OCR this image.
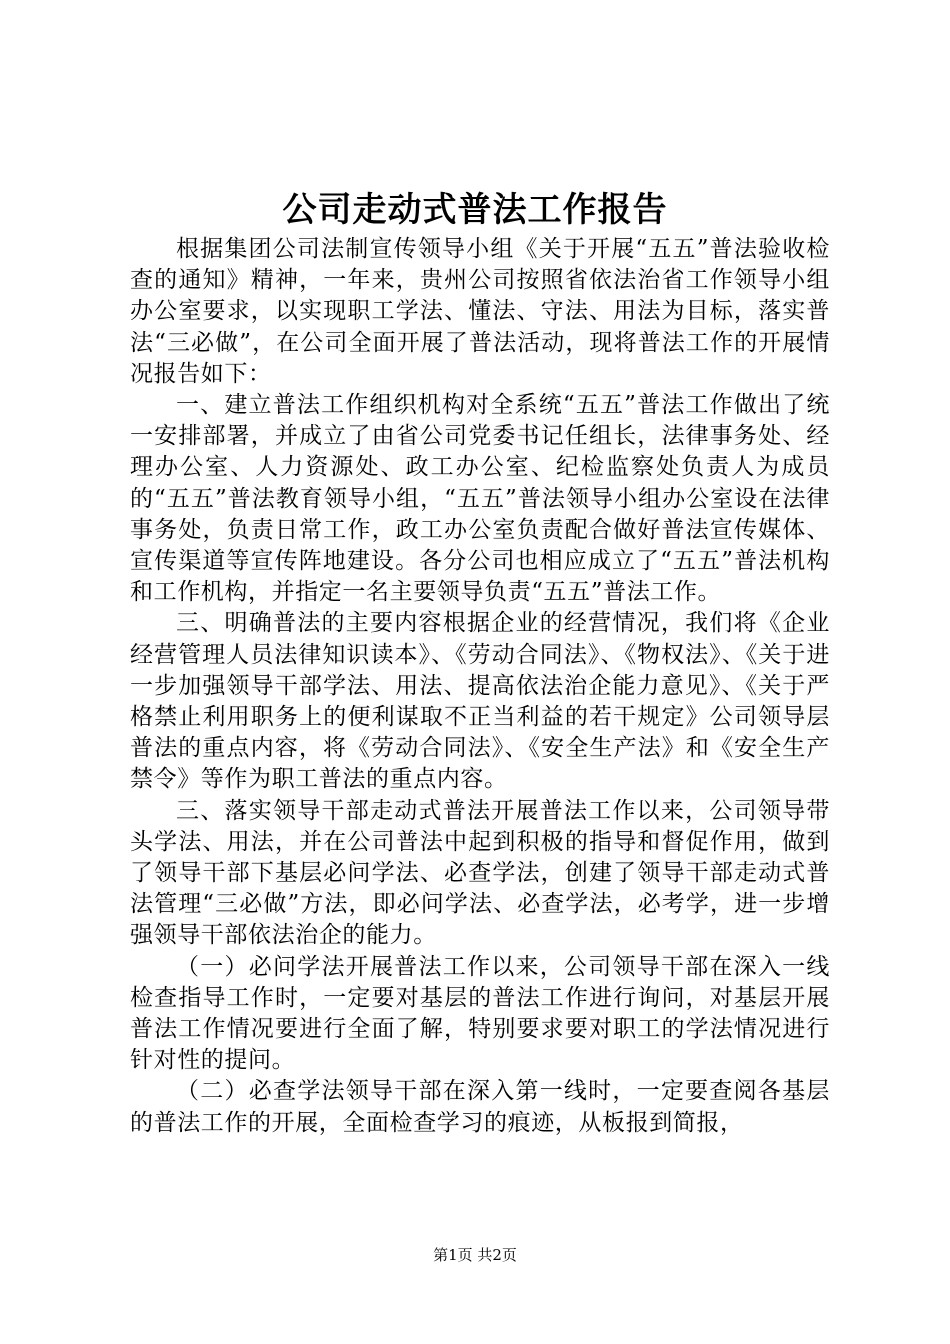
公司走动式普法工作报告

根据集团公司法制宣传领导小组《关于开展“五五”普法验收检查的通知》精神，一年来，贵州公司按照省依法治省工作领导小组办公室要求，以实现职工学法、懂法、守法、用法为目标，落实普法“三必做”，在公司全面开展了普法活动，现将普法工作的开展情况报告如下：

一、建立普法工作组织机构对全系统“五五”普法工作做出了统一安排部署，并成立了由省公司党委书记任组长，法律事务处、经理办公室、人力资源处、政工办公室、纪检监察处负责人为成员的“五五”普法教育领导小组，“五五”普法领导小组办公室设在法律事务处，负责日常工作，政工办公室负责配合做好普法宣传媒体、宣传渠道等宣传阵地建设。各分公司也相应成立了“五五”普法机构和工作机构，并指定一名主要领导负责“五五”普法工作。

三、明确普法的主要内容根据企业的经营情况，我们将《企业经营管理人员法律知识读本》、《劳动合同法》、《物权法》、《关于进一步加强领导干部学法、用法、提高依法治企能力意见》、《关于严格禁止利用职务上的便利谋取不正当利益的若干规定》公司领导层普法的重点内容，将《劳动合同法》、《安全生产法》和《安全生产禁令》等作为职工普法的重点内容。

三、落实领导干部走动式普法开展普法工作以来，公司领导带头学法、用法，并在公司普法中起到积极的指导和督促作用，做到了领导干部下基层必问学法、必查学法，创建了领导干部走动式普法管理“三必做”方法，即必问学法、必查学法，必考学，进一步增强领导干部依法治企的能力。

（一）必问学法开展普法工作以来，公司领导干部在深入一线检查指导工作时，一定要对基层的普法工作进行询问，对基层开展普法工作情况要进行全面了解，特别要求要对职工的学法情况进行针对性的提问。

（二）必查学法领导干部在深入第一线时，一定要查阅各基层的普法工作的开展，全面检查学习的痕迹，从板报到简报，

第1页 共2页
